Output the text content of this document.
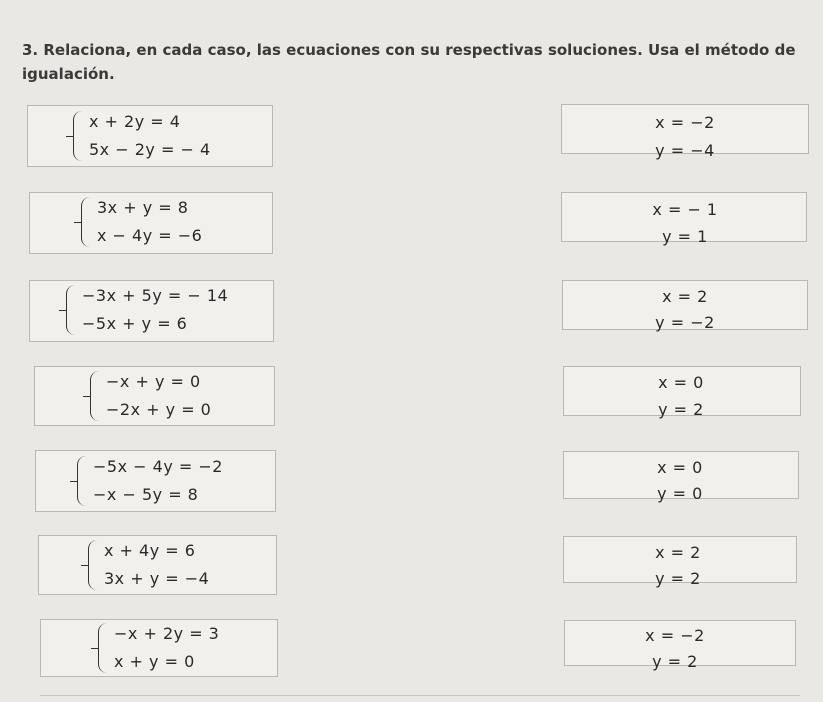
3. Relaciona, en cada caso, las ecuaciones con su respectivas soluciones. Usa el método de igualación.
x + 2y = 4
5x − 2y = − 4
x = −2
y = −4
3x + y = 8
x − 4y = −6
x = − 1
y = 1
−3x + 5y = − 14
−5x + y = 6
x = 2
y = −2
−x + y = 0
−2x + y = 0
x = 0
y = 2
−5x − 4y = −2
−x − 5y = 8
x = 0
y = 0
x + 4y = 6
3x + y = −4
x = 2
y = 2
−x + 2y = 3
x + y = 0
x = −2
y = 2
